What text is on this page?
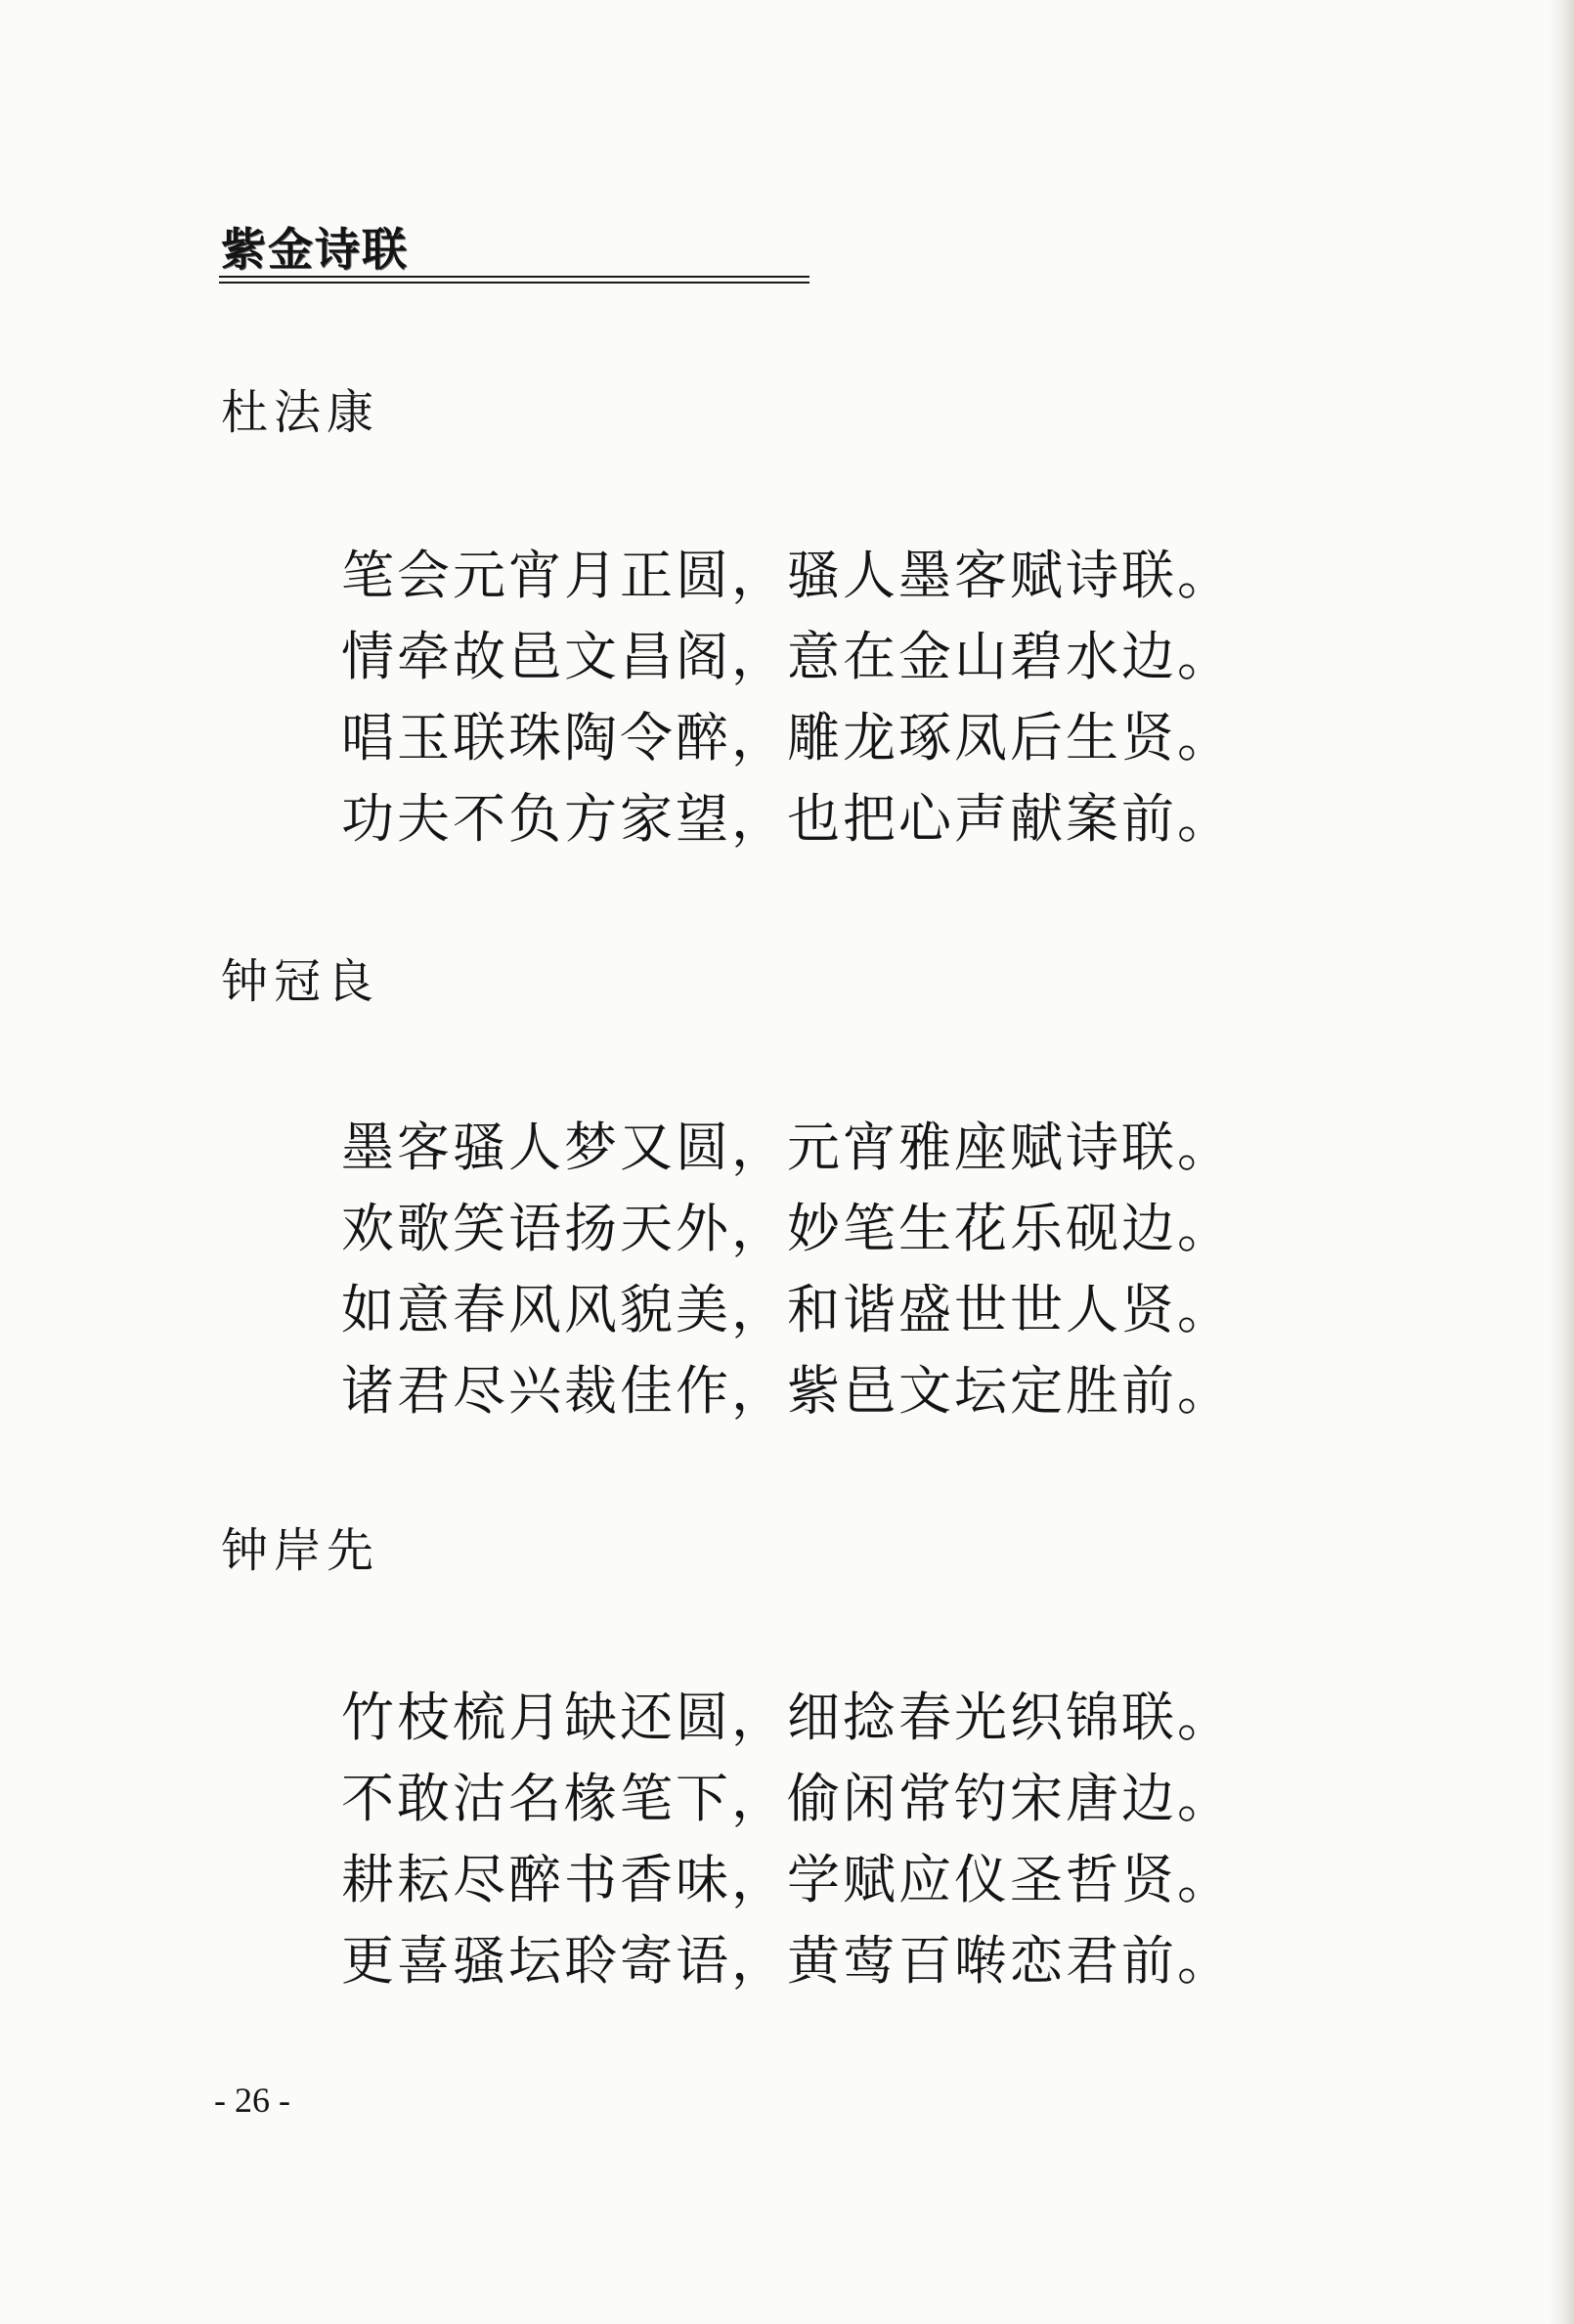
紫金诗联
杜法康
笔会元宵月正圆，骚人墨客赋诗联。
情牵故邑文昌阁，意在金山碧水边。
唱玉联珠陶令醉，雕龙琢凤后生贤。
功夫不负方家望，也把心声献案前。
钟冠良
墨客骚人梦又圆，元宵雅座赋诗联。
欢歌笑语扬天外，妙笔生花乐砚边。
如意春风风貌美，和谐盛世世人贤。
诸君尽兴裁佳作，紫邑文坛定胜前。
钟岸先
竹枝梳月缺还圆，细捻春光织锦联。
不敢沽名椽笔下，偷闲常钓宋唐边。
耕耘尽醉书香味，学赋应仪圣哲贤。
更喜骚坛聆寄语，黄莺百啭恋君前。
- 26 -
